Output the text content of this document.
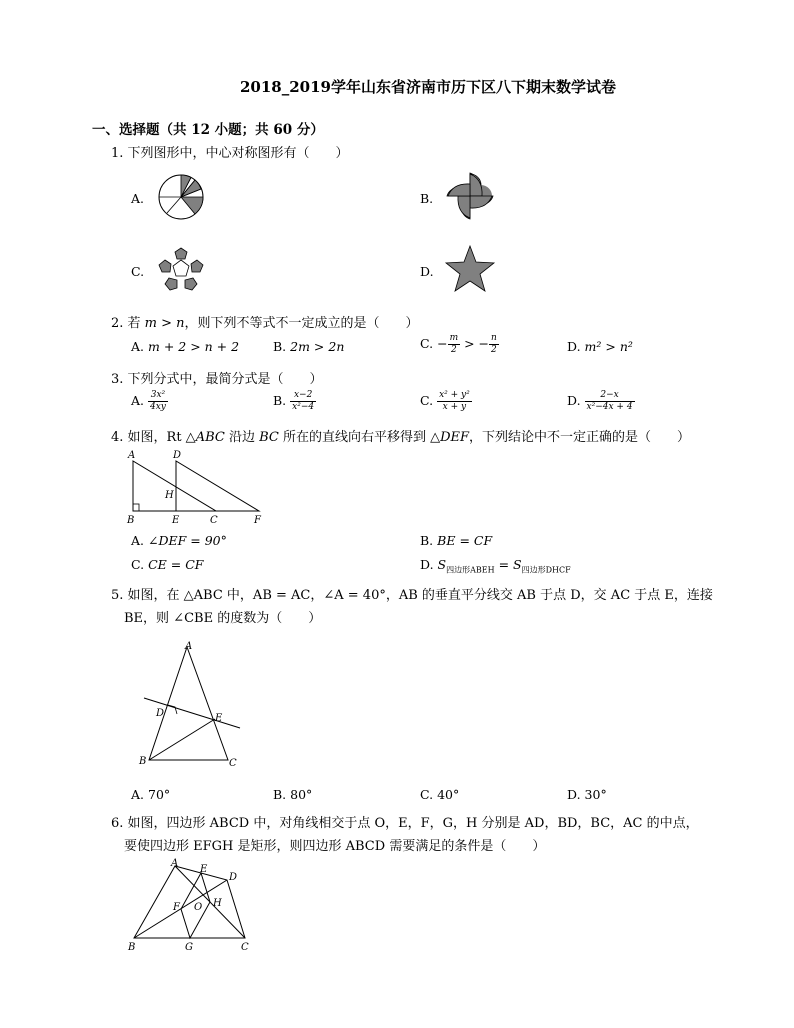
2018_2019学年山东省济南市历下区八下期末数学试卷
一、选择题（共 12 小题；共 60 分）
1. 下列图形中，中心对称图形有（　　）
A.	B.
C.	D.
2. 若 m > n，则下列不等式不一定成立的是（　　）
A. m + 2 > n + 2	B. 2m > 2n	C. − $\frac{m}{2}$ > − $\frac{n}{2}$	D. m² > n²
3. 下列分式中，最简分式是（　　）
A. $\frac{\text{3x²}}{4xy}$	B. $\frac{x-2}{\text{x²−4}}$	C. $\frac{\text{x² + y²}}{x + y}$	D. $\frac{2-x}{\text{x²−4x + 4}}$
4. 如图，Rt △ABC 沿边 BC 所在的直线向右平移得到 △DEF，下列结论中不一定正确的是（　　）
A	D
H
B	E	C	F
A. ∠DEF = 90°	B. BE = CF
C. CE = CF	D. $S_{四边形ABEH} = S_{四边形DHCF}$
5. 如图，在 △ABC 中，AB = AC，∠A = 40°，AB 的垂直平分线交 AB 于点 D，交 AC 于点 E，连接
BE，则 ∠CBE 的度数为（　　）
A
D	E
B	C
A. 70°	B. 80°	C. 40°	D. 30°
6. 如图，四边形 ABCD 中，对角线相交于点 O，E，F，G，H 分别是 AD，BD，BC，AC 的中点，
要使四边形 EFGH 是矩形，则四边形 ABCD 需要满足的条件是（　　）
A
E
D
F O H
B	G	C
